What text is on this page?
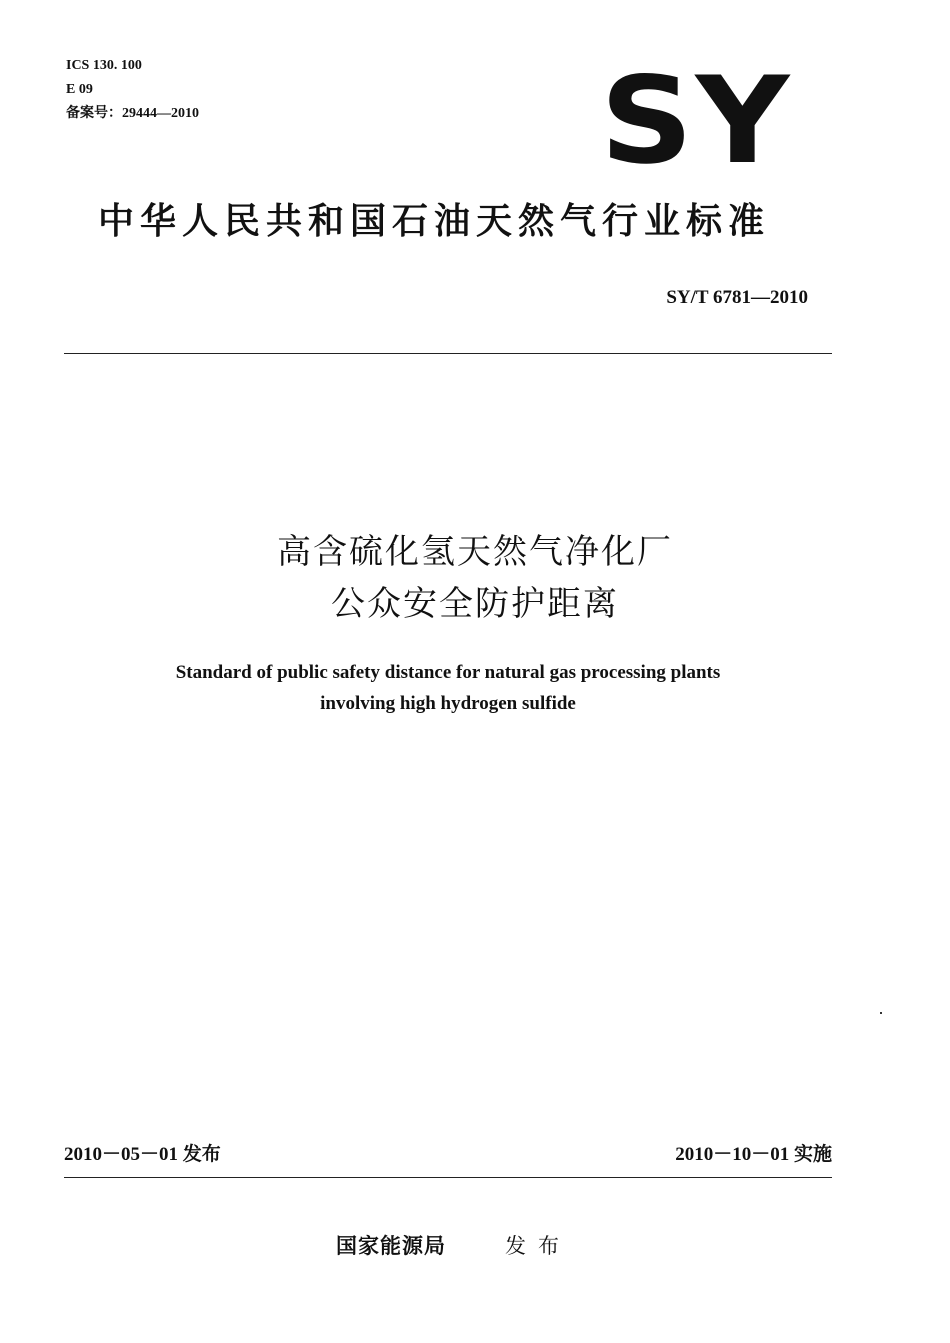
ICS 130. 100
E 09
备案号：29444—2010	SY
中华人民共和国石油天然气行业标准
SY/T 6781—2010
高含硫化氢天然气净化厂
公众安全防护距离
Standard of public safety distance for natural gas processing plants
involving high hydrogen sulfide
2010－05－01 发布	2010－10－01 实施
国家能源局	发布
